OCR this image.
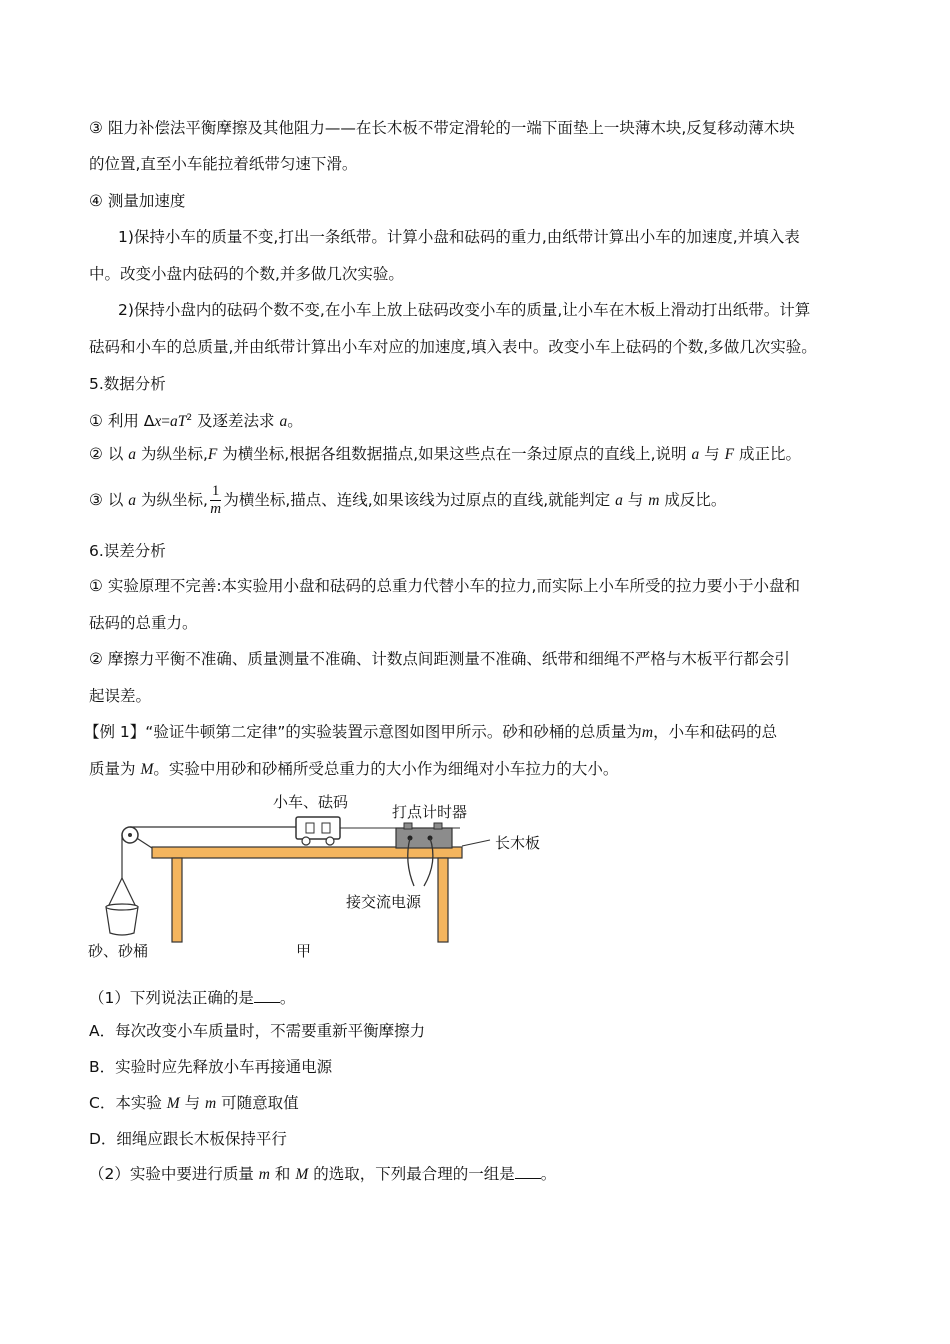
③ 阻力补偿法平衡摩擦及其他阻力——在长木板不带定滑轮的一端下面垫上一块薄木块,反复移动薄木块
的位置,直至小车能拉着纸带匀速下滑。
④ 测量加速度
1)保持小车的质量不变,打出一条纸带。计算小盘和砝码的重力,由纸带计算出小车的加速度,并填入表
中。改变小盘内砝码的个数,并多做几次实验。
2)保持小盘内的砝码个数不变,在小车上放上砝码改变小车的质量,让小车在木板上滑动打出纸带。计算
砝码和小车的总质量,并由纸带计算出小车对应的加速度,填入表中。改变小车上砝码的个数,多做几次实验。
5.数据分析
① 利用 $\Delta x=aT^2$ 及逐差法求 a。
② 以 a 为纵坐标,F 为横坐标,根据各组数据描点,如果这些点在一条过原点的直线上,说明 a 与 F 成正比。
③ 以 a 为纵坐标, $\frac{1}{m}$ 为横坐标,描点、连线,如果该线为过原点的直线,就能判定 a 与 m 成反比。
6.误差分析
① 实验原理不完善:本实验用小盘和砝码的总重力代替小车的拉力,而实际上小车所受的拉力要小于小盘和
砝码的总重力。
② 摩擦力平衡不准确、质量测量不准确、计数点间距测量不准确、纸带和细绳不严格与木板平行都会引
起误差。
【例 1】“验证牛顿第二定律”的实验装置示意图如图甲所示。砂和砂桶的总质量为m，小车和砝码的总
质量为 M。实验中用砂和砂桶所受总重力的大小作为细绳对小车拉力的大小。
小车、砝码
打点计时器
长木板
接交流电源
砂、砂桶	甲
（1）下列说法正确的是 。
A．每次改变小车质量时，不需要重新平衡摩擦力
B．实验时应先释放小车再接通电源
C．本实验 M 与 m 可随意取值
D．细绳应跟长木板保持平行
（2）实验中要进行质量 m 和 M 的选取，下列最合理的一组是 。
